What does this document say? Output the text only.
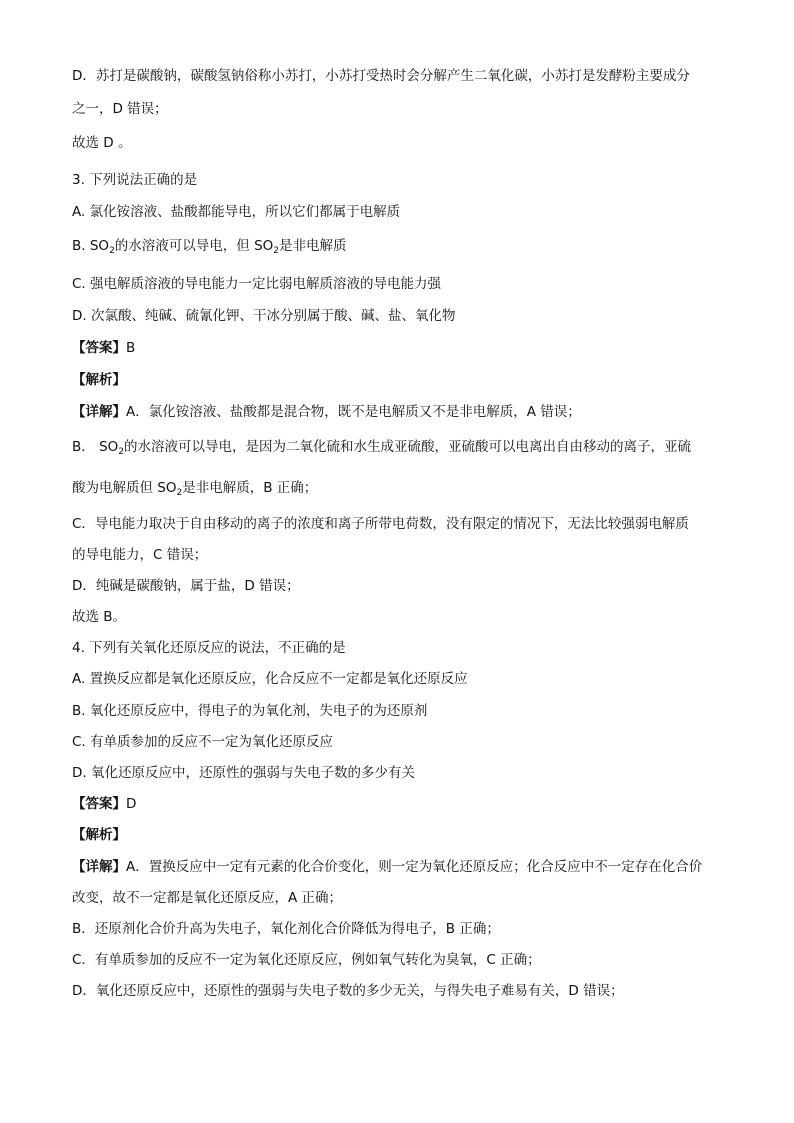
D．苏打是碳酸钠，碳酸氢钠俗称小苏打，小苏打受热时会分解产生二氧化碳，小苏打是发酵粉主要成分
之一，D 错误；
故选 D 。
3. 下列说法正确的是
A. 氯化铵溶液、盐酸都能导电，所以它们都属于电解质
B. $SO_2$的水溶液可以导电，但 $SO_2$是非电解质
C. 强电解质溶液的导电能力一定比弱电解质溶液的导电能力强
D. 次氯酸、纯碱、硫氰化钾、干冰分别属于酸、碱、盐、氧化物
【答案】B
【解析】
【详解】A．氯化铵溶液、盐酸都是混合物，既不是电解质又不是非电解质，A 错误；
B． $SO_2$的水溶液可以导电，是因为二氧化硫和水生成亚硫酸，亚硫酸可以电离出自由移动的离子，亚硫
酸为电解质但 $SO_2$是非电解质，B 正确；
C．导电能力取决于自由移动的离子的浓度和离子所带电荷数，没有限定的情况下，无法比较强弱电解质
的导电能力，C 错误；
D．纯碱是碳酸钠，属于盐，D 错误；
故选 B。
4. 下列有关氧化还原反应的说法，不正确的是
A. 置换反应都是氧化还原反应，化合反应不一定都是氧化还原反应
B. 氧化还原反应中，得电子的为氧化剂，失电子的为还原剂
C. 有单质参加的反应不一定为氧化还原反应
D. 氧化还原反应中，还原性的强弱与失电子数的多少有关
【答案】D
【解析】
【详解】A．置换反应中一定有元素的化合价变化，则一定为氧化还原反应；化合反应中不一定存在化合价
改变，故不一定都是氧化还原反应，A 正确；
B．还原剂化合价升高为失电子，氧化剂化合价降低为得电子，B 正确；
C．有单质参加的反应不一定为氧化还原反应，例如氧气转化为臭氧，C 正确；
D．氧化还原反应中，还原性的强弱与失电子数的多少无关，与得失电子难易有关，D 错误；
